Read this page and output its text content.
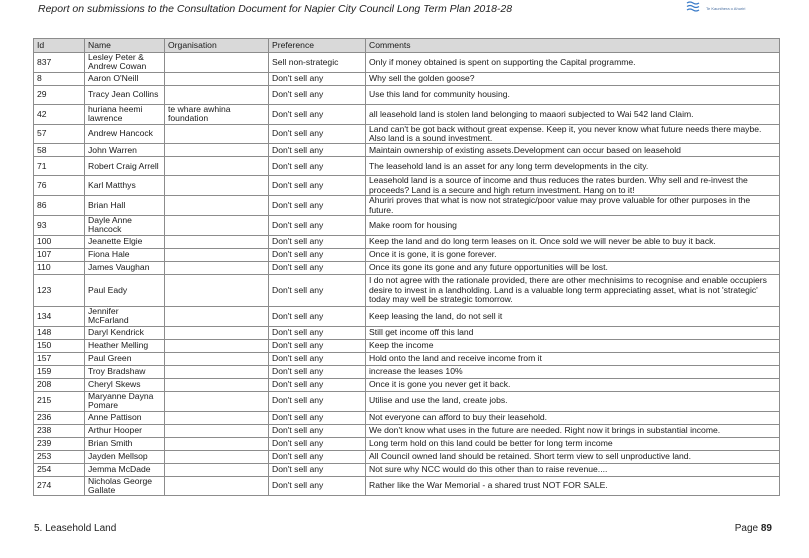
Report on submissions to the Consultation Document for Napier City Council Long Term Plan 2018-28	Te Kaunihera o Ahuriri
Id	Name	Organisation	Preference	Comments
837	Lesley Peter & Andrew Cowan		Sell non-strategic	Only if money obtained is spent on supporting the Capital programme.
8	Aaron O'Neill		Don't sell any	Why sell the golden goose?
29	Tracy Jean Collins		Don't sell any	Use this land for community housing.
42	huriana heemi lawrence	te whare awhina foundation	Don't sell any	all leasehold land is stolen land belonging to maaori subjected to Wai 542 land Claim.
57	Andrew Hancock		Don't sell any	Land can't be got back without great expense. Keep it, you never know what future needs there maybe. Also land is a sound investment.
58	John Warren		Don't sell any	Maintain ownership of existing assets.Development can occur based on leasehold
71	Robert Craig Arrell		Don't sell any	The leasehold land is an asset for any long term developments in the city.
76	Karl Matthys		Don't sell any	Leasehold land is a source of income and thus reduces the rates burden. Why sell and re-invest the proceeds? Land is a secure and high return investment. Hang on to it!
86	Brian Hall		Don't sell any	Ahuriri proves that what is now not strategic/poor value may prove valuable for other purposes in the future.
93	Dayle Anne Hancock		Don't sell any	Make room for housing
100	Jeanette Elgie		Don't sell any	Keep the land and do long term leases on it. Once sold we will never be able to buy it back.
107	Fiona Hale		Don't sell any	Once it is gone, it is gone forever.
110	James Vaughan		Don't sell any	Once its gone its gone and any future opportunities will be lost.
123	Paul Eady		Don't sell any	I do not agree with the rationale provided, there are other mechnisims to recognise and enable occupiers desire to invest in a landholding. Land is a valuable long term appreciating asset, what is not 'strategic' today may well be strategic tomorrow.
134	Jennifer McFarland		Don't sell any	Keep leasing the land, do not sell it
148	Daryl Kendrick		Don't sell any	Still get income off this land
150	Heather Melling		Don't sell any	Keep the income
157	Paul Green		Don't sell any	Hold onto the land and receive income from it
159	Troy Bradshaw		Don't sell any	increase the leases 10%
208	Cheryl Skews		Don't sell any	Once it is gone you never get it back.
215	Maryanne Dayna Pomare		Don't sell any	Utilise and use the land, create jobs.
236	Anne Pattison		Don't sell any	Not everyone can afford to buy their leasehold.
238	Arthur Hooper		Don't sell any	We don't know what uses in the future are needed. Right now it brings in substantial income.
239	Brian Smith		Don't sell any	Long term hold on this land could be better for long term income
253	Jayden Mellsop		Don't sell any	All Council owned land should be retained. Short term view to sell unproductive land.
254	Jemma McDade		Don't sell any	Not sure why NCC would do this other than to raise revenue....
274	Nicholas George Gallate		Don't sell any	Rather like the War Memorial - a shared trust NOT FOR SALE.
5. Leasehold Land	Page 89
